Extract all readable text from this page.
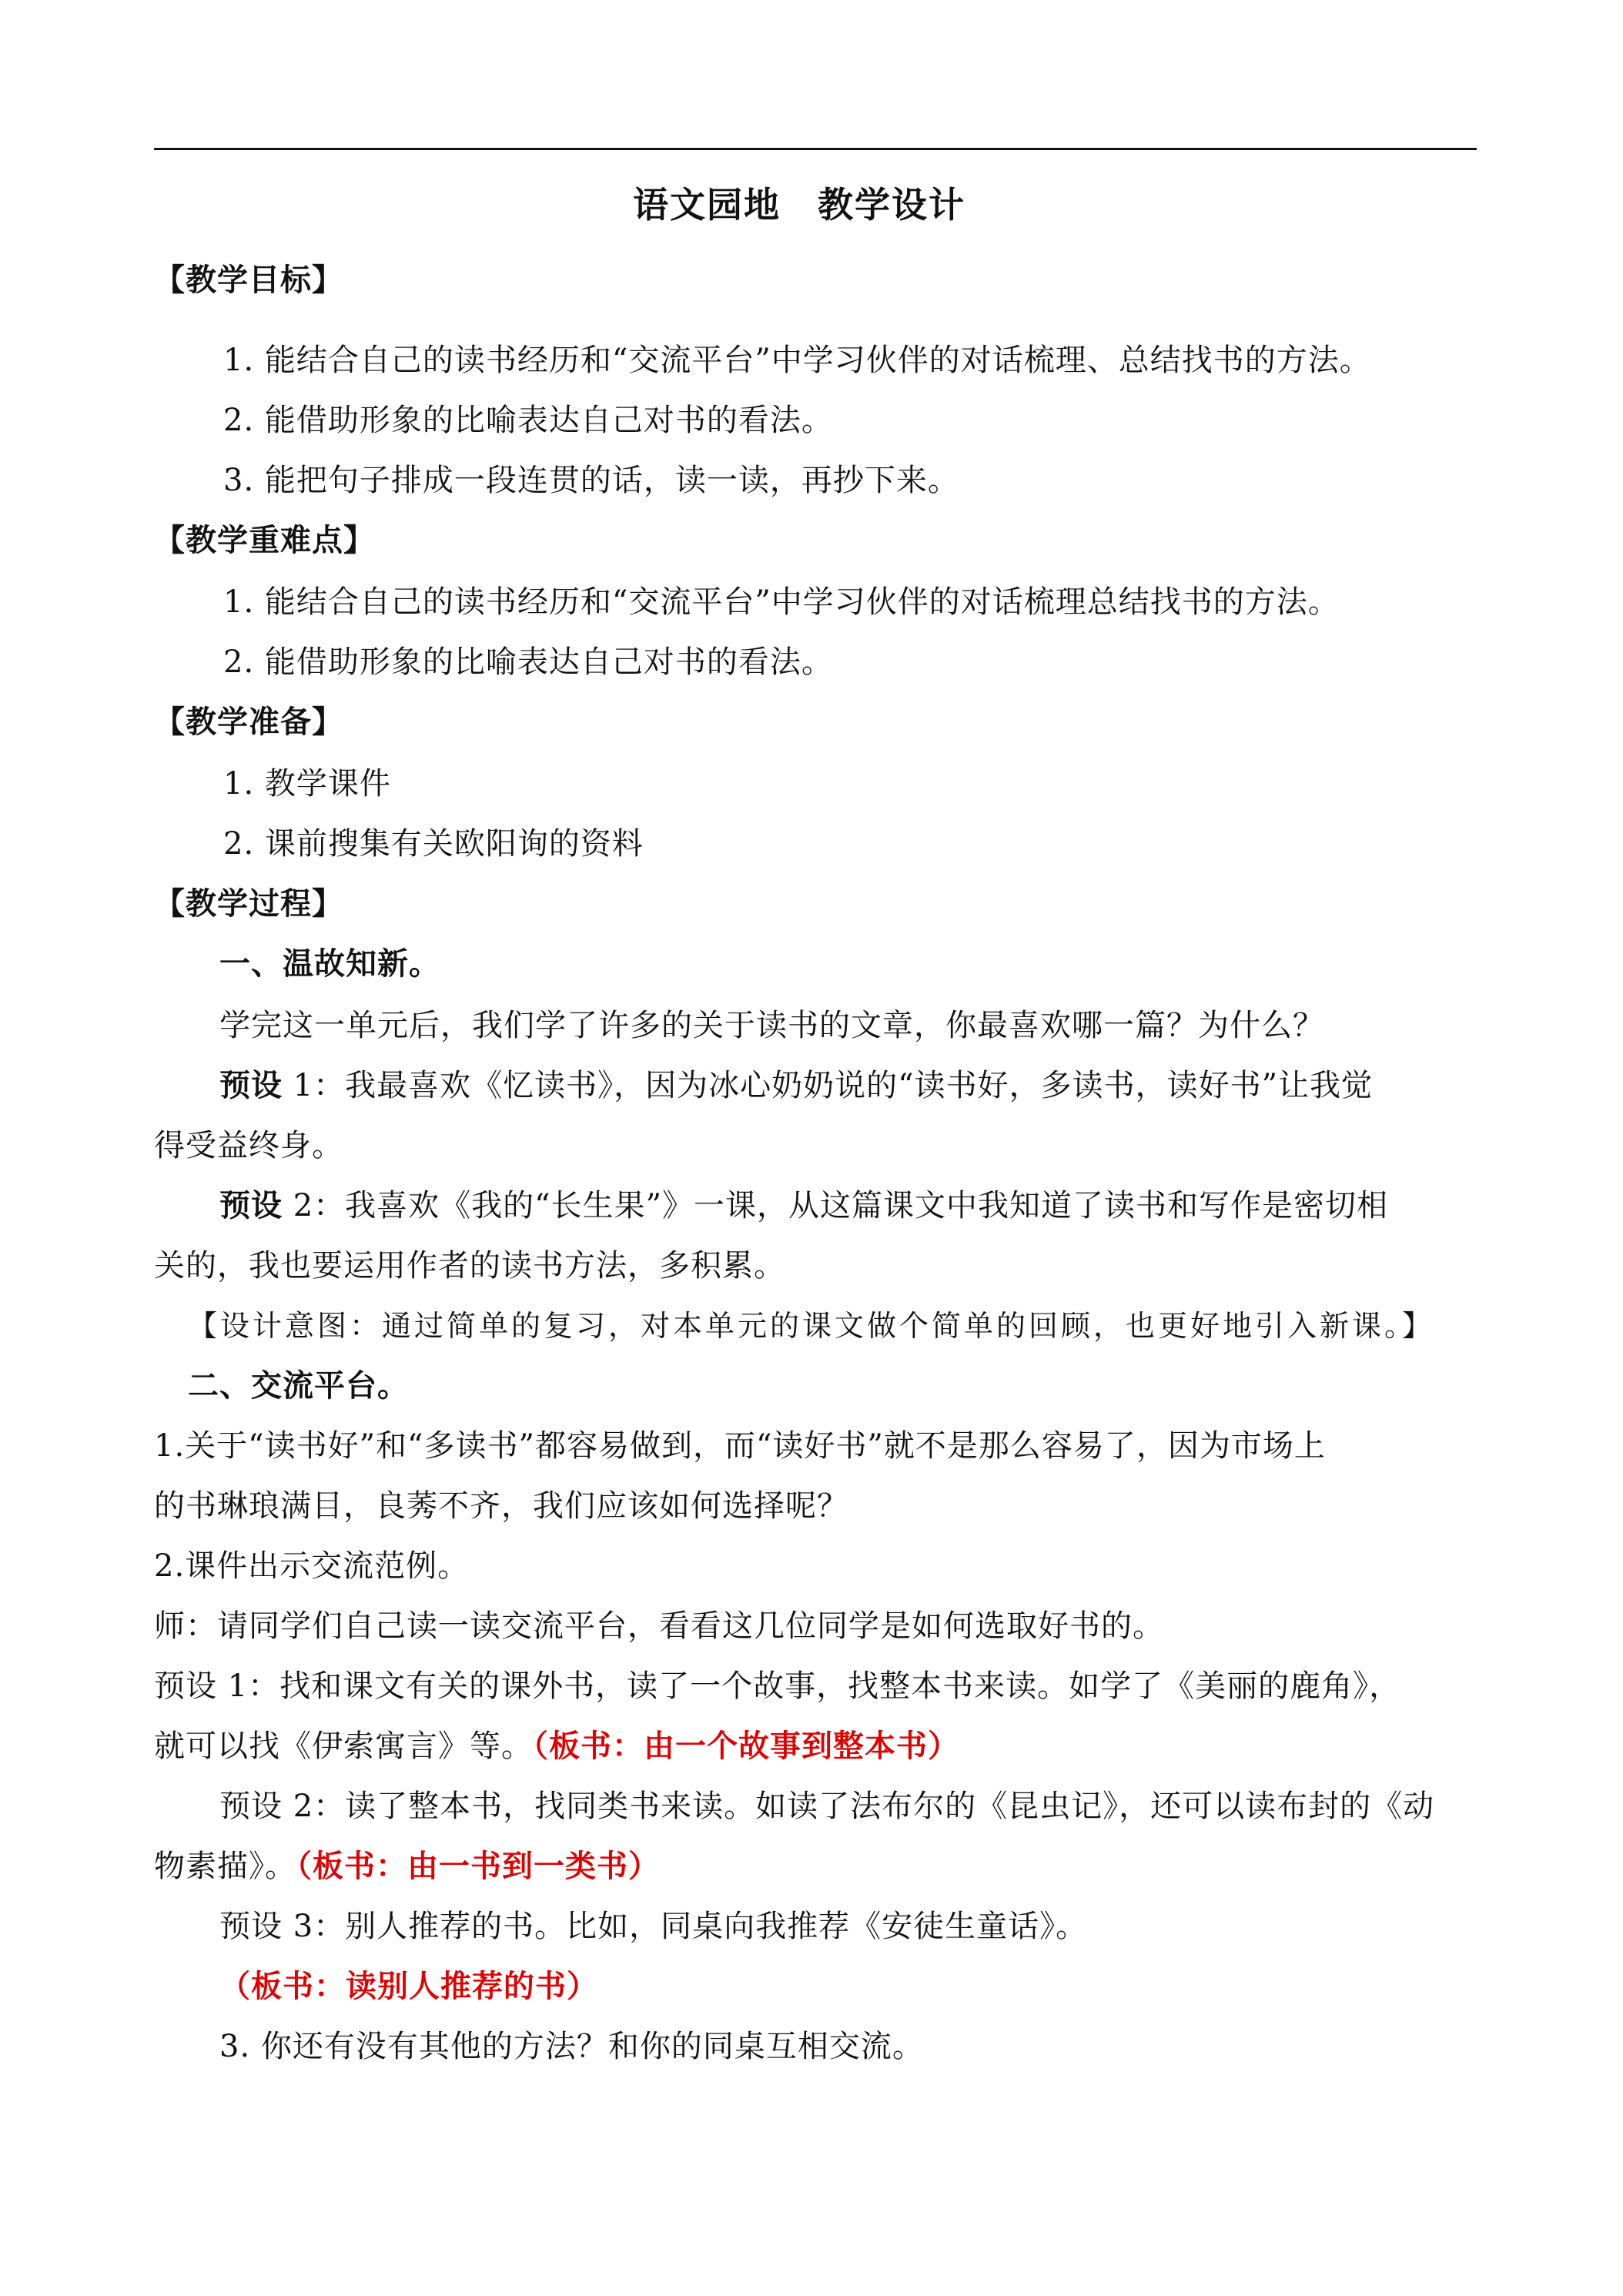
语文园地　教学设计
【教学目标】
1. 能结合自己的读书经历和“交流平台”中学习伙伴的对话梳理、总结找书的方法。
2. 能借助形象的比喻表达自己对书的看法。
3. 能把句子排成一段连贯的话，读一读，再抄下来。
【教学重难点】
1. 能结合自己的读书经历和“交流平台”中学习伙伴的对话梳理总结找书的方法。
2. 能借助形象的比喻表达自己对书的看法。
【教学准备】
1. 教学课件
2. 课前搜集有关欧阳询的资料
【教学过程】
一、温故知新。
学完这一单元后，我们学了许多的关于读书的文章，你最喜欢哪一篇？为什么？
预设 1：我最喜欢《忆读书》，因为冰心奶奶说的“读书好，多读书，读好书”让我觉
得受益终身。
预设 2：我喜欢《我的“长生果”》一课，从这篇课文中我知道了读书和写作是密切相
关的，我也要运用作者的读书方法，多积累。
【设计意图：通过简单的复习，对本单元的课文做个简单的回顾，也更好地引入新课。】
二、交流平台。
1.关于“读书好”和“多读书”都容易做到，而“读好书”就不是那么容易了，因为市场上
的书琳琅满目，良莠不齐，我们应该如何选择呢？
2.课件出示交流范例。
师：请同学们自己读一读交流平台，看看这几位同学是如何选取好书的。
预设 1：找和课文有关的课外书，读了一个故事，找整本书来读。如学了《美丽的鹿角》，
就可以找《伊索寓言》等。（板书：由一个故事到整本书）
预设 2：读了整本书，找同类书来读。如读了法布尔的《昆虫记》，还可以读布封的《动
物素描》。（板书：由一书到一类书）
预设 3：别人推荐的书。比如，同桌向我推荐《安徒生童话》。
（板书：读别人推荐的书）
3. 你还有没有其他的方法？和你的同桌互相交流。
